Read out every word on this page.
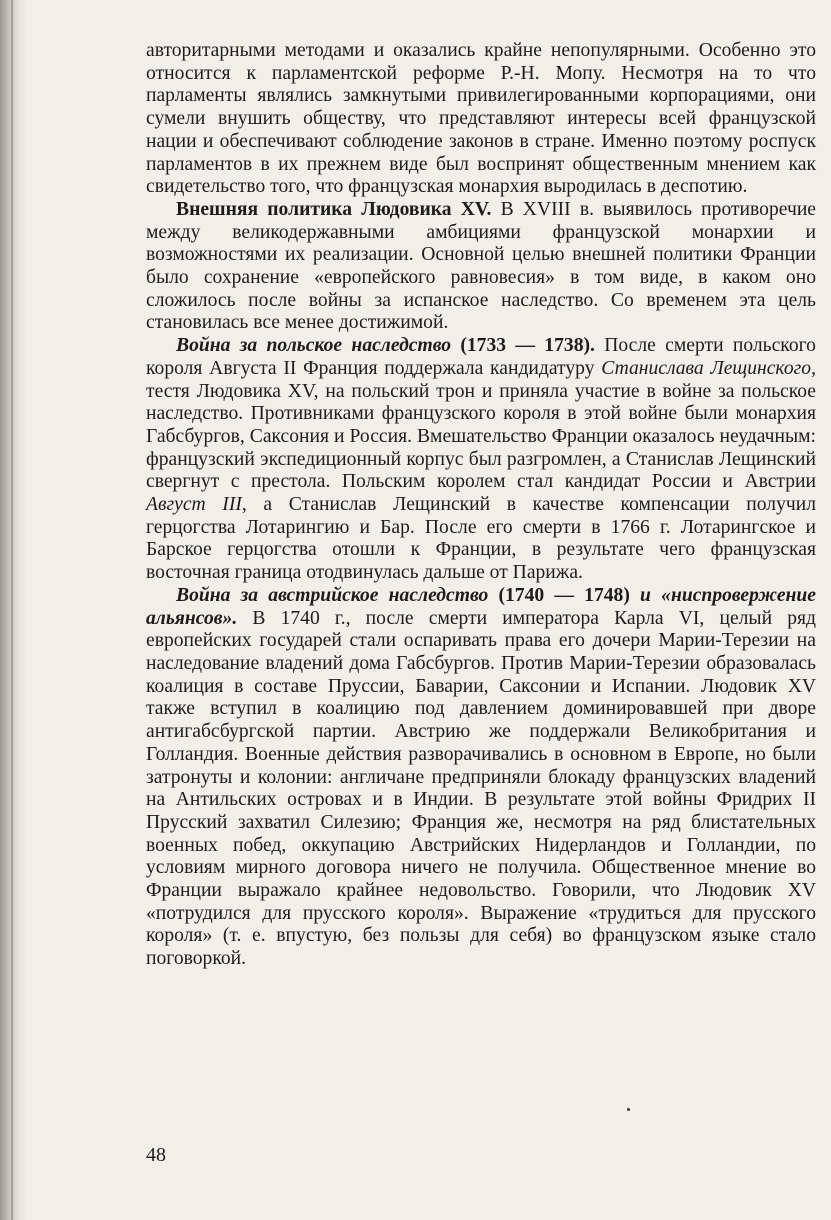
авторитарными методами и оказались крайне непопулярными. Особенно это относится к парламентской реформе Р.-Н. Мопу. Несмотря на то что парламенты являлись замкнутыми привилегированными корпорациями, они сумели внушить обществу, что представляют интересы всей французской нации и обеспечивают соблюдение законов в стране. Именно поэтому роспуск парламентов в их прежнем виде был воспринят общественным мнением как свидетельство того, что французская монархия выродилась в деспотию.

Внешняя политика Людовика XV. В XVIII в. выявилось противоречие между великодержавными амбициями французской монархии и возможностями их реализации. Основной целью внешней политики Франции было сохранение «европейского равновесия» в том виде, в каком оно сложилось после войны за испанское наследство. Со временем эта цель становилась все менее достижимой.

Война за польское наследство (1733 — 1738). После смерти польского короля Августа II Франция поддержала кандидатуру Станислава Лещинского, тестя Людовика XV, на польский трон и приняла участие в войне за польское наследство. Противниками французского короля в этой войне были монархия Габсбургов, Саксония и Россия. Вмешательство Франции оказалось неудачным: французский экспедиционный корпус был разгромлен, а Станислав Лещинский свергнут с престола. Польским королем стал кандидат России и Австрии Август III, а Станислав Лещинский в качестве компенсации получил герцогства Лотарингию и Бар. После его смерти в 1766 г. Лотарингское и Барское герцогства отошли к Франции, в результате чего французская восточная граница отодвинулась дальше от Парижа.

Война за австрийское наследство (1740 — 1748) и «ниспровержение альянсов». В 1740 г., после смерти императора Карла VI, целый ряд европейских государей стали оспаривать права его дочери Марии-Терезии на наследование владений дома Габсбургов. Против Марии-Терезии образовалась коалиция в составе Пруссии, Баварии, Саксонии и Испании. Людовик XV также вступил в коалицию под давлением доминировавшей при дворе антигабсбургской партии. Австрию же поддержали Великобритания и Голландия. Военные действия разворачивались в основном в Европе, но были затронуты и колонии: англичане предприняли блокаду французских владений на Антильских островах и в Индии. В результате этой войны Фридрих II Прусский захватил Силезию; Франция же, несмотря на ряд блистательных военных побед, оккупацию Австрийских Нидерландов и Голландии, по условиям мирного договора ничего не получила. Общественное мнение во Франции выражало крайнее недовольство. Говорили, что Людовик XV «потрудился для прусского короля». Выражение «трудиться для прусского короля» (т. е. впустую, без пользы для себя) во французском языке стало поговоркой.

48
